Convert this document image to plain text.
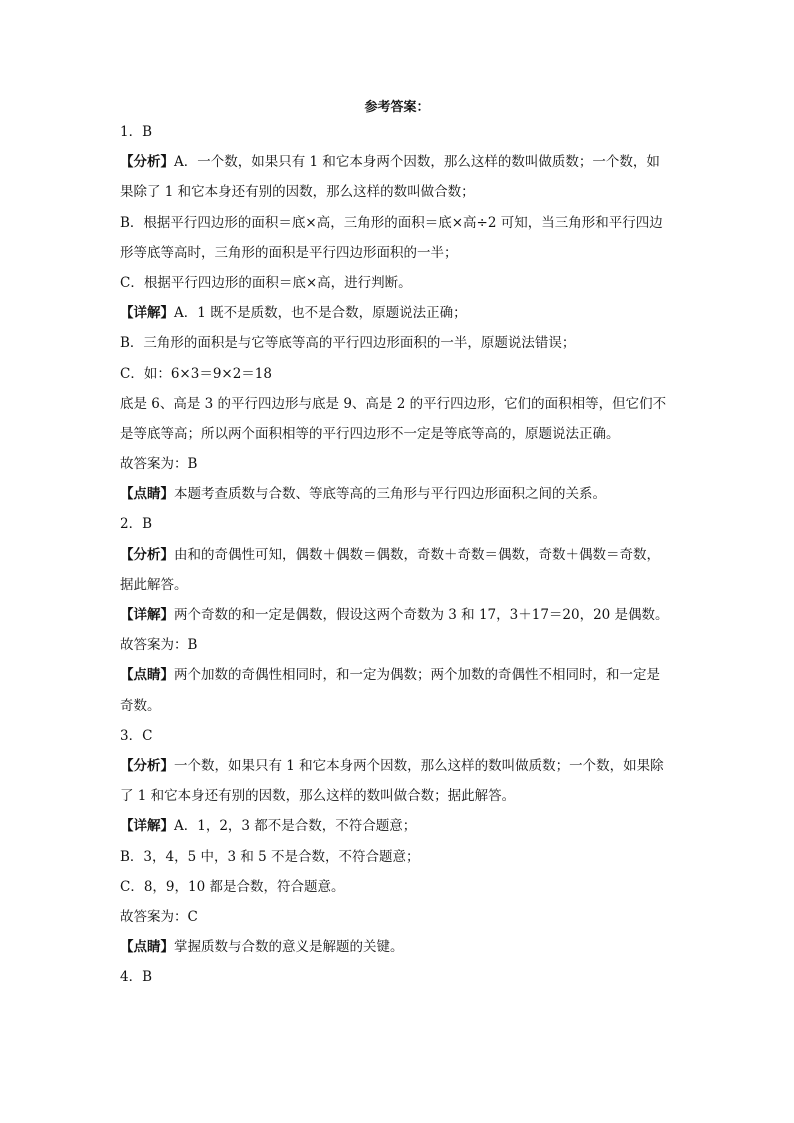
参考答案：
1．B
【分析】A．一个数，如果只有 1 和它本身两个因数，那么这样的数叫做质数；一个数，如
果除了 1 和它本身还有别的因数，那么这样的数叫做合数；
B．根据平行四边形的面积＝底×高，三角形的面积＝底×高÷2 可知，当三角形和平行四边
形等底等高时，三角形的面积是平行四边形面积的一半；
C．根据平行四边形的面积＝底×高，进行判断。
【详解】A．1 既不是质数，也不是合数，原题说法正确；
B．三角形的面积是与它等底等高的平行四边形面积的一半，原题说法错误；
C．如：6×3＝9×2＝18
底是 6、高是 3 的平行四边形与底是 9、高是 2 的平行四边形，它们的面积相等，但它们不
是等底等高；所以两个面积相等的平行四边形不一定是等底等高的，原题说法正确。
故答案为：B
【点睛】本题考查质数与合数、等底等高的三角形与平行四边形面积之间的关系。
2．B
【分析】由和的奇偶性可知，偶数＋偶数＝偶数，奇数＋奇数＝偶数，奇数＋偶数＝奇数，
据此解答。
【详解】两个奇数的和一定是偶数，假设这两个奇数为 3 和 17，3＋17＝20，20 是偶数。
故答案为：B
【点睛】两个加数的奇偶性相同时，和一定为偶数；两个加数的奇偶性不相同时，和一定是
奇数。
3．C
【分析】一个数，如果只有 1 和它本身两个因数，那么这样的数叫做质数；一个数，如果除
了 1 和它本身还有别的因数，那么这样的数叫做合数；据此解答。
【详解】A．1，2，3 都不是合数，不符合题意；
B．3，4，5 中，3 和 5 不是合数，不符合题意；
C．8，9，10 都是合数，符合题意。
故答案为：C
【点睛】掌握质数与合数的意义是解题的关键。
4．B
